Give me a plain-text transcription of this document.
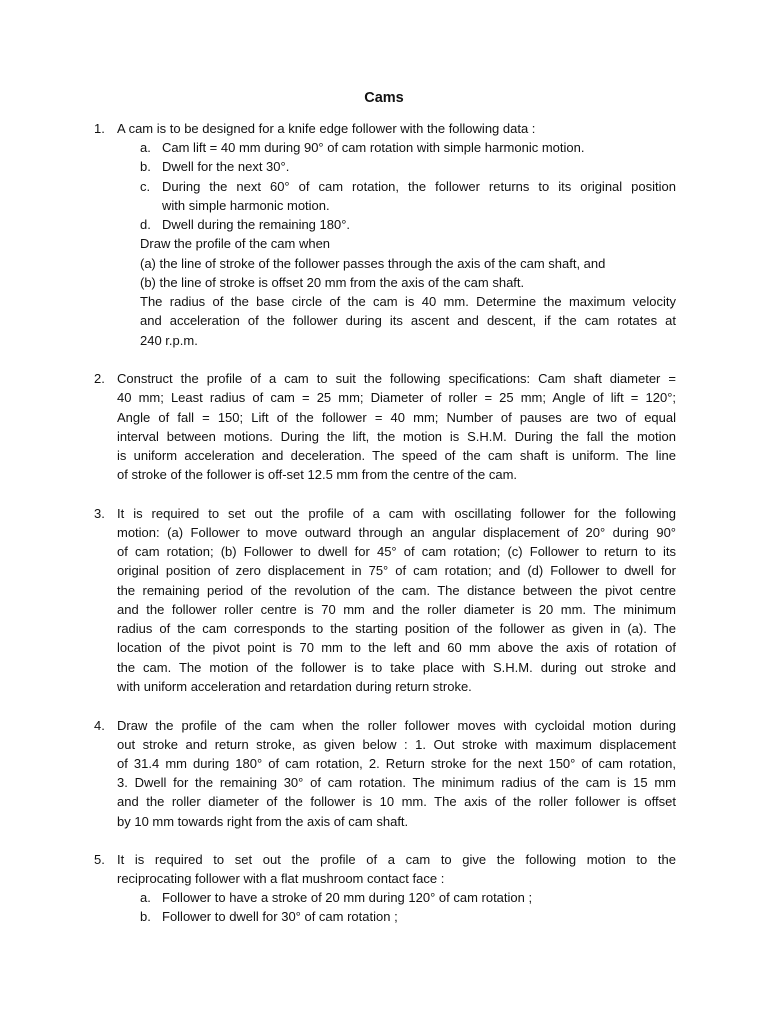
Cams
1. A cam is to be designed for a knife edge follower with the following data :
a. Cam lift = 40 mm during 90° of cam rotation with simple harmonic motion.
b. Dwell for the next 30°.
c. During the next 60° of cam rotation, the follower returns to its original position
with simple harmonic motion.
d. Dwell during the remaining 180°.
Draw the profile of the cam when
(a) the line of stroke of the follower passes through the axis of the cam shaft, and
(b) the line of stroke is offset 20 mm from the axis of the cam shaft.
The radius of the base circle of the cam is 40 mm. Determine the maximum velocity
and acceleration of the follower during its ascent and descent, if the cam rotates at
240 r.p.m.
2. Construct the profile of a cam to suit the following specifications: Cam shaft diameter =
40 mm; Least radius of cam = 25 mm; Diameter of roller = 25 mm; Angle of lift = 120°;
Angle of fall = 150; Lift of the follower = 40 mm; Number of pauses are two of equal
interval between motions. During the lift, the motion is S.H.M. During the fall the motion
is uniform acceleration and deceleration. The speed of the cam shaft is uniform. The line
of stroke of the follower is off-set 12.5 mm from the centre of the cam.
3. It is required to set out the profile of a cam with oscillating follower for the following
motion: (a) Follower to move outward through an angular displacement of 20° during 90°
of cam rotation; (b) Follower to dwell for 45° of cam rotation; (c) Follower to return to its
original position of zero displacement in 75° of cam rotation; and (d) Follower to dwell for
the remaining period of the revolution of the cam. The distance between the pivot centre
and the follower roller centre is 70 mm and the roller diameter is 20 mm. The minimum
radius of the cam corresponds to the starting position of the follower as given in (a). The
location of the pivot point is 70 mm to the left and 60 mm above the axis of rotation of
the cam. The motion of the follower is to take place with S.H.M. during out stroke and
with uniform acceleration and retardation during return stroke.
4. Draw the profile of the cam when the roller follower moves with cycloidal motion during
out stroke and return stroke, as given below : 1. Out stroke with maximum displacement
of 31.4 mm during 180° of cam rotation, 2. Return stroke for the next 150° of cam rotation,
3. Dwell for the remaining 30° of cam rotation. The minimum radius of the cam is 15 mm
and the roller diameter of the follower is 10 mm. The axis of the roller follower is offset
by 10 mm towards right from the axis of cam shaft.
5. It is required to set out the profile of a cam to give the following motion to the
reciprocating follower with a flat mushroom contact face :
a. Follower to have a stroke of 20 mm during 120° of cam rotation ;
b. Follower to dwell for 30° of cam rotation ;
